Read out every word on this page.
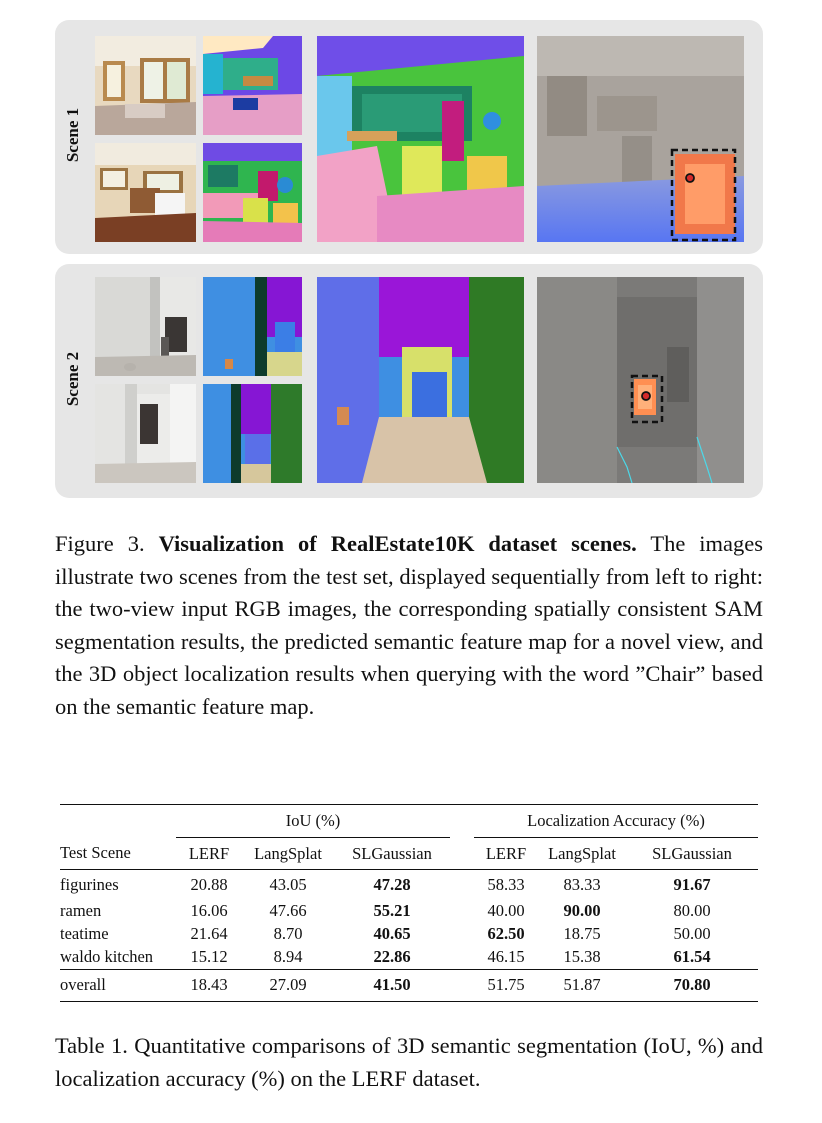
Scene 1
Scene 2
Figure 3. Visualization of RealEstate10K dataset scenes. The images illustrate two scenes from the test set, displayed sequentially from left to right: the two-view input RGB images, the corresponding spatially consistent SAM segmentation results, the predicted semantic feature map for a novel view, and the 3D object localization results when querying with the word ”Chair” based on the semantic feature map.
	IoU (%)				Localization Accuracy (%)		
Test Scene	LERF	LangSplat	SLGaussian		LERF	LangSplat	SLGaussian
figurines	20.88	43.05	47.28		58.33	83.33	91.67
ramen	16.06	47.66	55.21		40.00	90.00	80.00
teatime	21.64	8.70	40.65		62.50	18.75	50.00
waldo kitchen	15.12	8.94	22.86		46.15	15.38	61.54
overall	18.43	27.09	41.50		51.75	51.87	70.80
Table 1. Quantitative comparisons of 3D semantic segmentation (IoU, %) and localization accuracy (%) on the LERF dataset.
